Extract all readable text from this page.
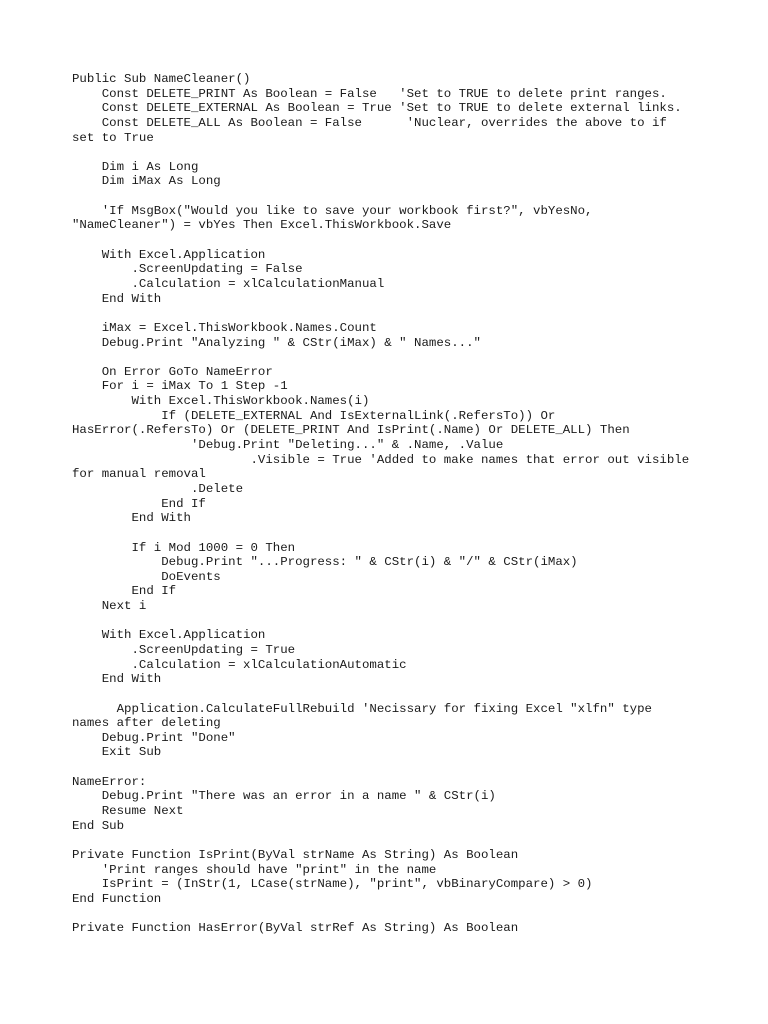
Public Sub NameCleaner()
Const DELETE_PRINT As Boolean = False   'Set to TRUE to delete print ranges.
Const DELETE_EXTERNAL As Boolean = True 'Set to TRUE to delete external links.
Const DELETE_ALL As Boolean = False      'Nuclear, overrides the above to if
set to True
Dim i As Long
Dim iMax As Long
'If MsgBox("Would you like to save your workbook first?", vbYesNo,
"NameCleaner") = vbYes Then Excel.ThisWorkbook.Save
With Excel.Application
.ScreenUpdating = False
.Calculation = xlCalculationManual
End With
iMax = Excel.ThisWorkbook.Names.Count
Debug.Print "Analyzing " & CStr(iMax) & " Names..."
On Error GoTo NameError
For i = iMax To 1 Step -1
With Excel.ThisWorkbook.Names(i)
If (DELETE_EXTERNAL And IsExternalLink(.RefersTo)) Or
HasError(.RefersTo) Or (DELETE_PRINT And IsPrint(.Name) Or DELETE_ALL) Then
'Debug.Print "Deleting..." & .Name, .Value
.Visible = True 'Added to make names that error out visible
for manual removal
.Delete
End If
End With
If i Mod 1000 = 0 Then
Debug.Print "...Progress: " & CStr(i) & "/" & CStr(iMax)
DoEvents
End If
Next i
With Excel.Application
.ScreenUpdating = True
.Calculation = xlCalculationAutomatic
End With
Application.CalculateFullRebuild 'Necissary for fixing Excel "xlfn" type
names after deleting
Debug.Print "Done"
Exit Sub
NameError:
Debug.Print "There was an error in a name " & CStr(i)
Resume Next
End Sub
Private Function IsPrint(ByVal strName As String) As Boolean
'Print ranges should have "print" in the name
IsPrint = (InStr(1, LCase(strName), "print", vbBinaryCompare) > 0)
End Function
Private Function HasError(ByVal strRef As String) As Boolean
